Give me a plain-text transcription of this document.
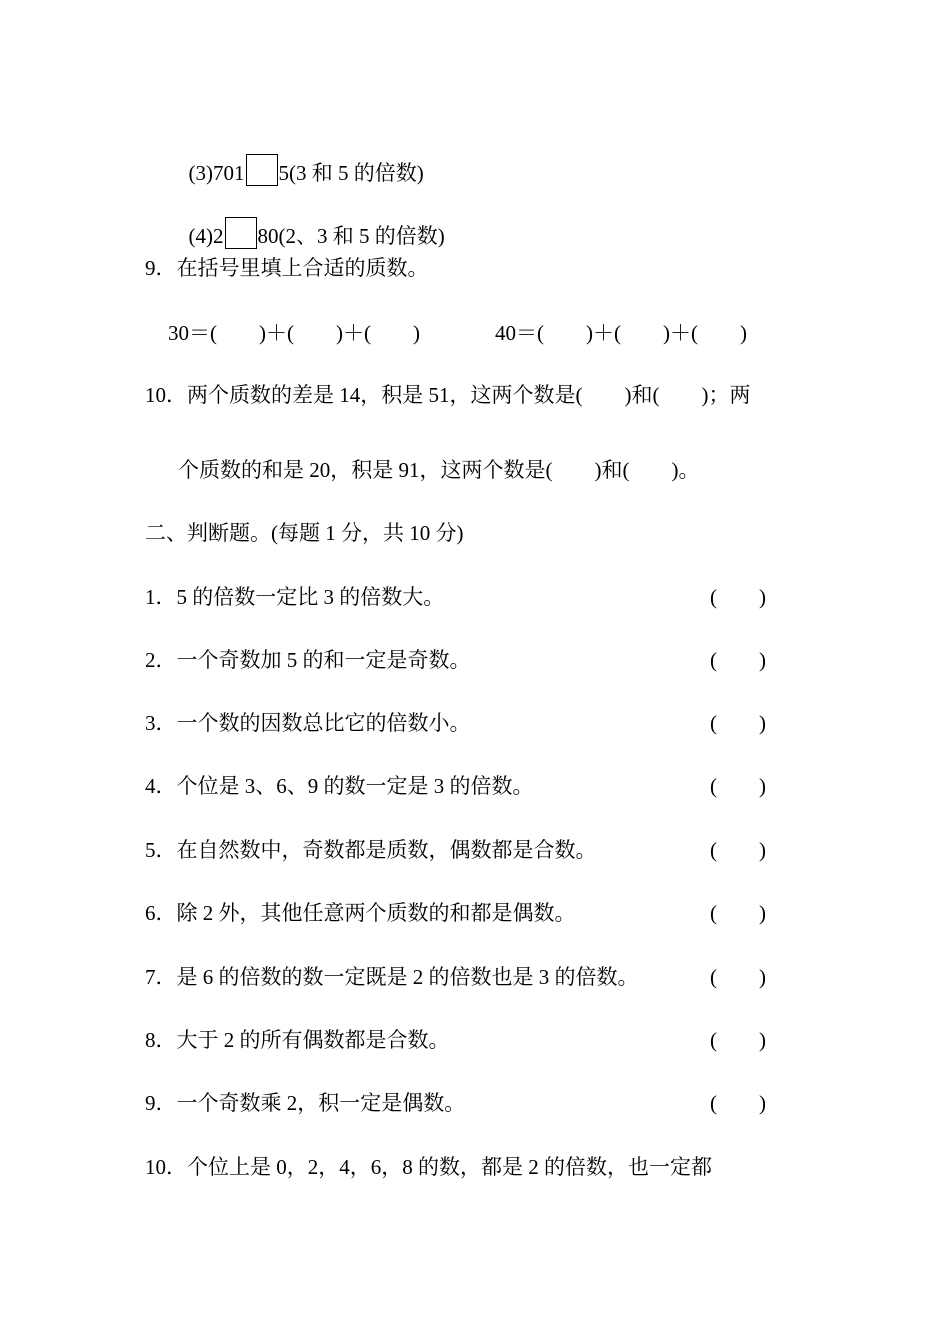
(3)701 5(3 和 5 的倍数)

(4)2 80(2、3 和 5 的倍数)

9．在括号里填上合适的质数。
30＝(　　)＋(　　)＋(　　)	40＝(　　)＋(　　)＋(　　)
10．两个质数的差是 14，积是 51，这两个数是(　　)和(　　)；两
个质数的和是 20，积是 91，这两个数是(　　)和(　　)。
二、判断题。(每题 1 分，共 10 分)
1．5 的倍数一定比 3 的倍数大。	(　　)
2．一个奇数加 5 的和一定是奇数。	(　　)
3．一个数的因数总比它的倍数小。	(　　)
4．个位是 3、6、9 的数一定是 3 的倍数。	(　　)
5．在自然数中，奇数都是质数，偶数都是合数。	(　　)
6．除 2 外，其他任意两个质数的和都是偶数。	(　　)
7．是 6 的倍数的数一定既是 2 的倍数也是 3 的倍数。	(　　)
8．大于 2 的所有偶数都是合数。	(　　)
9．一个奇数乘 2，积一定是偶数。	(　　)
10．个位上是 0，2，4，6，8 的数，都是 2 的倍数，也一定都
